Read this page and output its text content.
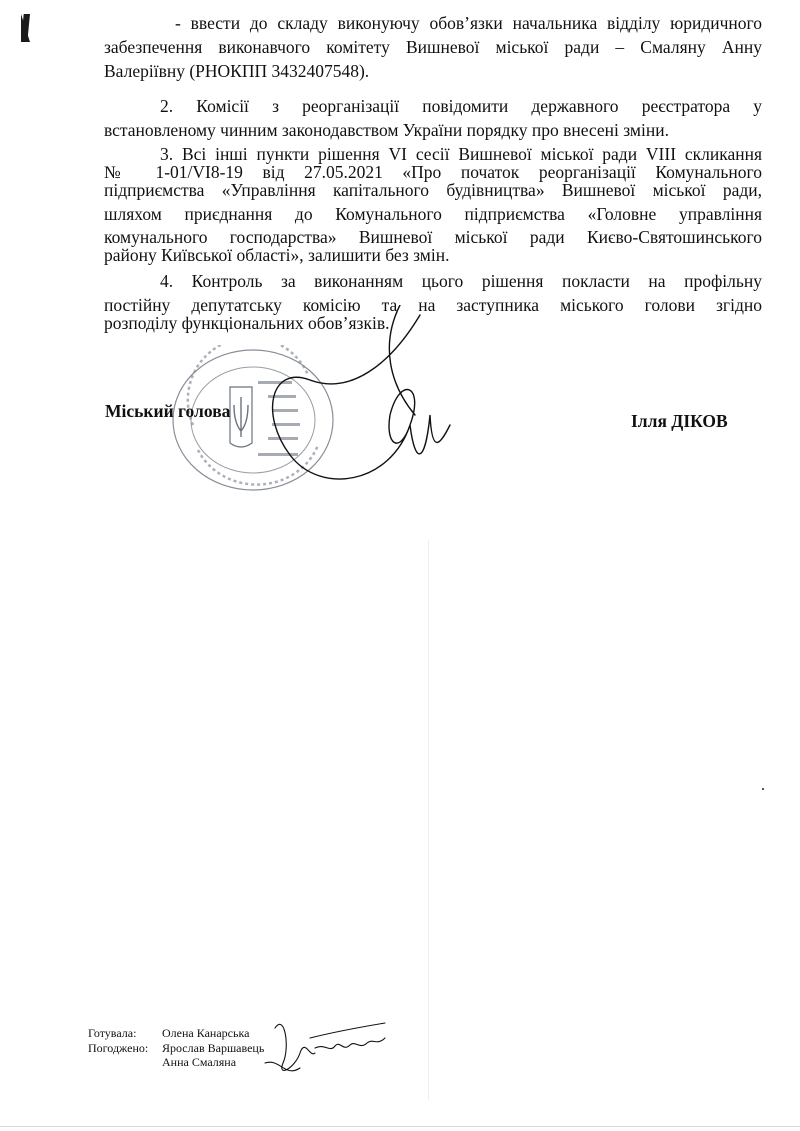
- ввести до складу виконуючу обов’язки начальника відділу юридичного

забезпечення виконавчого комітету Вишневої міської ради – Смаляну Анну

Валеріївну (РНОКПП 3432407548).

2. Комісії з реорганізації повідомити державного реєстратора у

встановленому чинним законодавством України порядку про внесені зміни.

3. Всі інші пункти рішення VI сесії Вишневої міської ради VIII скликання

№ 1-01/VI8-19 від 27.05.2021 «Про початок реорганізації Комунального

підприємства «Управління капітального будівництва» Вишневої міської ради,

шляхом приєднання до Комунального підприємства «Головне управління

комунального господарства» Вишневої міської ради Києво-Святошинського

району Київської області», залишити без змін.

4. Контроль за виконанням цього рішення покласти на профільну

постійну депутатську комісію та на заступника міського голови згідно

розподілу функціональних обов’язків.

Міський голова	Ілля ДІКОВ
Готувала: Олена Канарська
Погоджено: Ярослав Варшавець
Анна Смаляна
